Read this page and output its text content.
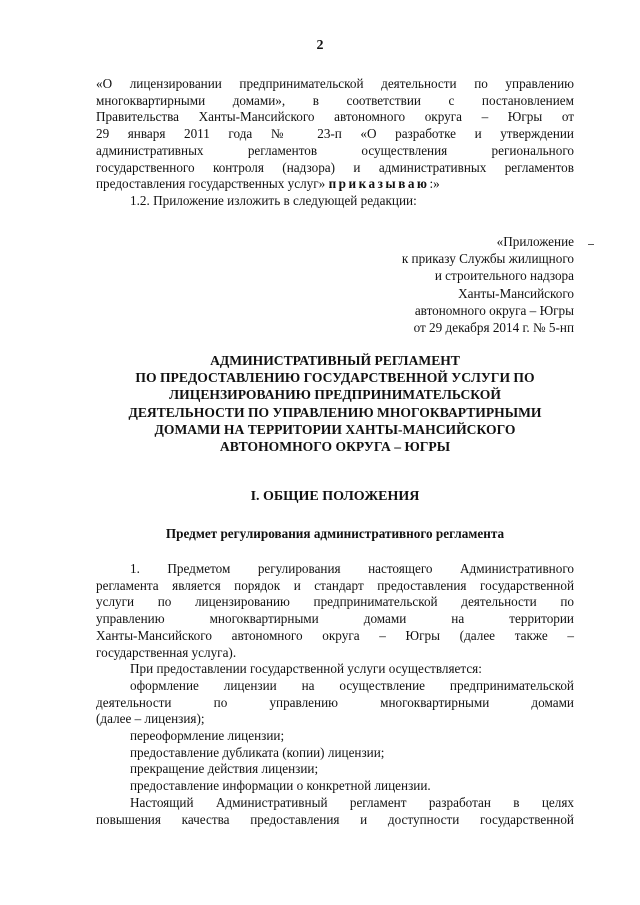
2

«О лицензировании предпринимательской деятельности по управлению

многоквартирными домами», в соответствии с постановлением

Правительства Ханты-Мансийского автономного округа – Югры от

29 января 2011 года № 23-п «О разработке и утверждении

административных регламентов осуществления регионального

государственного контроля (надзора) и административных регламентов

предоставления государственных услуг» приказываю:»

1.2. Приложение изложить в следующей редакции:

«Приложение
к приказу Службы жилищного
и строительного надзора
Ханты-Мансийского
автономного округа – Югры
от 29 декабря 2014 г. № 5-нп
АДМИНИСТРАТИВНЫЙ РЕГЛАМЕНТ
ПО ПРЕДОСТАВЛЕНИЮ ГОСУДАРСТВЕННОЙ УСЛУГИ ПО
ЛИЦЕНЗИРОВАНИЮ ПРЕДПРИНИМАТЕЛЬСКОЙ
ДЕЯТЕЛЬНОСТИ ПО УПРАВЛЕНИЮ МНОГОКВАРТИРНЫМИ
ДОМАМИ НА ТЕРРИТОРИИ ХАНТЫ-МАНСИЙСКОГО
АВТОНОМНОГО ОКРУГА – ЮГРЫ
I. ОБЩИЕ ПОЛОЖЕНИЯ
Предмет регулирования административного регламента

1. Предметом регулирования настоящего Административного

регламента является порядок и стандарт предоставления государственной

услуги по лицензированию предпринимательской деятельности по

управлению многоквартирными домами на территории

Ханты-Мансийского автономного округа – Югры (далее также –

государственная услуга).

При предоставлении государственной услуги осуществляется:

оформление лицензии на осуществление предпринимательской

деятельности по управлению многоквартирными домами

(далее – лицензия);

переоформление лицензии;

предоставление дубликата (копии) лицензии;

прекращение действия лицензии;

предоставление информации о конкретной лицензии.

Настоящий Административный регламент разработан в целях

повышения качества предоставления и доступности государственной
